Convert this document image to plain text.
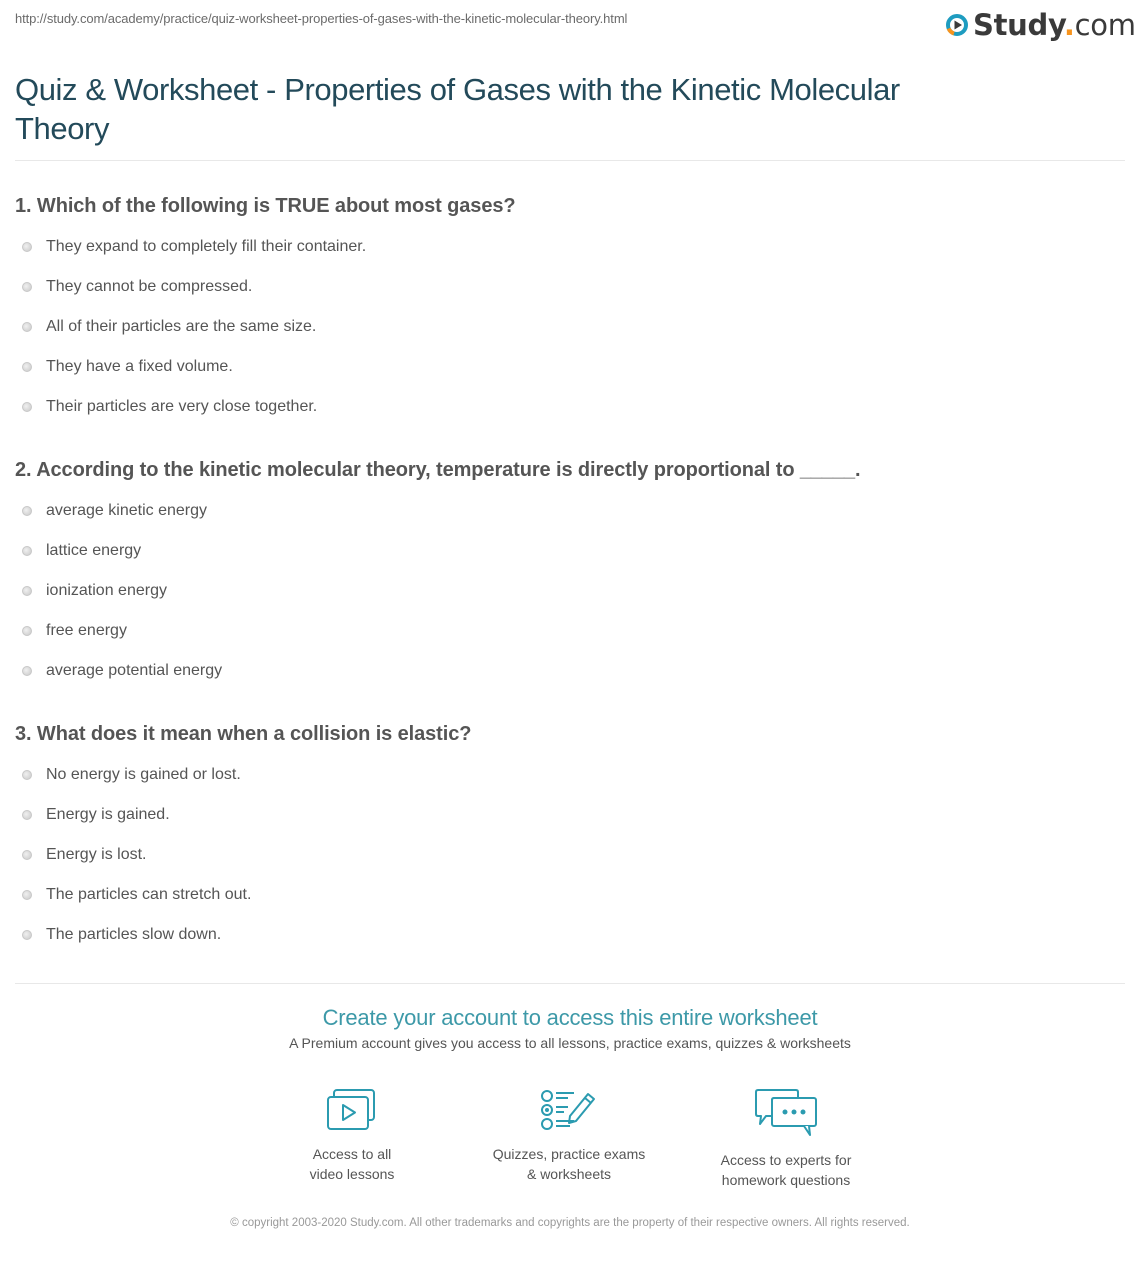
http://study.com/academy/practice/quiz-worksheet-properties-of-gases-with-the-kinetic-molecular-theory.html	Study.com
Quiz & Worksheet - Properties of Gases with the Kinetic Molecular Theory
1. Which of the following is TRUE about most gases?
They expand to completely fill their container.
They cannot be compressed.
All of their particles are the same size.
They have a fixed volume.
Their particles are very close together.
2. According to the kinetic molecular theory, temperature is directly proportional to _____.
average kinetic energy
lattice energy
ionization energy
free energy
average potential energy
3. What does it mean when a collision is elastic?
No energy is gained or lost.
Energy is gained.
Energy is lost.
The particles can stretch out.
The particles slow down.
Create your account to access this entire worksheet
A Premium account gives you access to all lessons, practice exams, quizzes & worksheets
Access to all
video lessons
Quizzes, practice exams
& worksheets
Access to experts for
homework questions
© copyright 2003-2020 Study.com. All other trademarks and copyrights are the property of their respective owners. All rights reserved.
